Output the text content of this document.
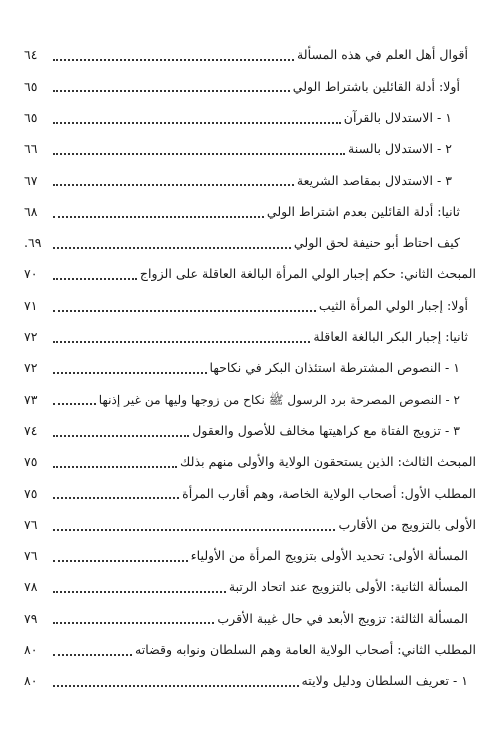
أقوال أهل العلم في هذه المسألة
٦٤
أولا: أدلة القائلين باشتراط الولي
٦٥
١ - الاستدلال بالقرآن
٦٥
٢ - الاستدلال بالسنة
٦٦
٣ - الاستدلال بمقاصد الشريعة
٦٧
ثانيا: أدلة القائلين بعدم اشتراط الولي
٦٨
كيف احتاط أبو حنيفة لحق الولي
٦٩.
المبحث الثاني: حكم إجبار الولي المرأة البالغة العاقلة على الزواج
٧٠
أولا: إجبار الولي المرأة الثيب
٧١
ثانيا: إجبار البكر البالغة العاقلة
٧٢
١ - النصوص المشترطة استئذان البكر في نكاحها
٧٢
٢ - النصوص المصرحة برد الرسول ﷺ نكاح من زوجها وليها من غير إذنها
٧٣
٣ - تزويج الفتاة مع كراهيتها مخالف للأصول والعقول
٧٤
المبحث الثالث: الذين يستحقون الولاية والأولى منهم بذلك
٧٥
المطلب الأول: أصحاب الولاية الخاصة، وهم أقارب المرأة
٧٥
الأولى بالتزويج من الأقارب
٧٦
المسألة الأولى: تحديد الأولى بتزويج المرأة من الأولياء
٧٦
المسألة الثانية: الأولى بالتزويج عند اتحاد الرتبة
٧٨
المسألة الثالثة: تزويج الأبعد في حال غيبة الأقرب
٧٩
المطلب الثاني: أصحاب الولاية العامة وهم السلطان ونوابه وقضاته
٨٠
١ - تعريف السلطان ودليل ولايته
٨٠
